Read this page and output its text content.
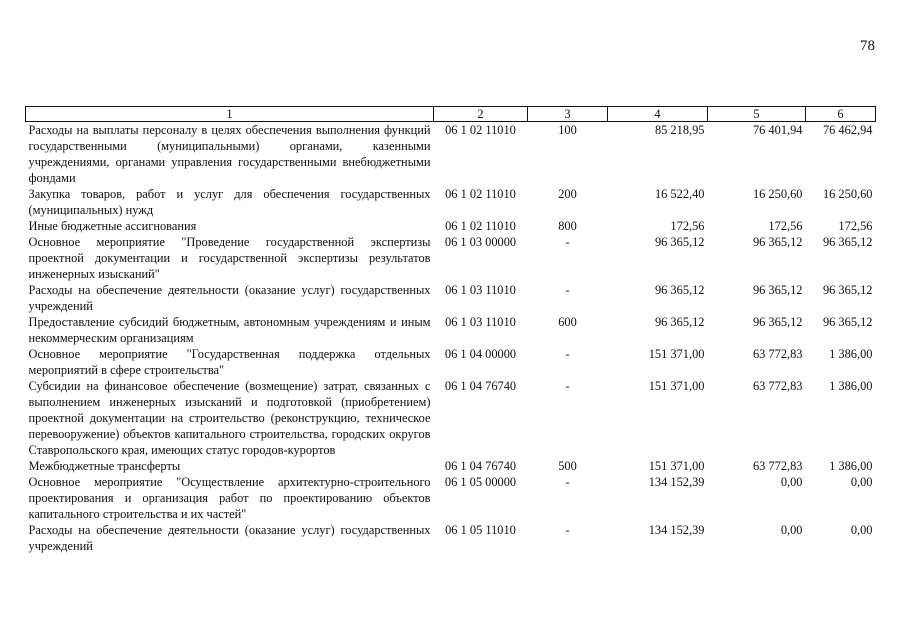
78
1	2	3	4	5	6
Расходы на выплаты персоналу в целях обеспечения выполнения функций государственными (муниципальными) органами, казенными учреждениями, органами управления государственными внебюджетными фондами	06 1 02 11010	100	85 218,95	76 401,94	76 462,94
Закупка товаров, работ и услуг для обеспечения государственных (муниципальных) нужд	06 1 02 11010	200	16 522,40	16 250,60	16 250,60
Иные бюджетные ассигнования	06 1 02 11010	800	172,56	172,56	172,56
Основное мероприятие "Проведение государственной экспертизы проектной документации и государственной экспертизы результатов инженерных изысканий"	06 1 03 00000	-	96 365,12	96 365,12	96 365,12
Расходы на обеспечение деятельности (оказание услуг) государственных учреждений	06 1 03 11010	-	96 365,12	96 365,12	96 365,12
Предоставление субсидий бюджетным, автономным учреждениям и иным некоммерческим организациям	06 1 03 11010	600	96 365,12	96 365,12	96 365,12
Основное мероприятие "Государственная поддержка отдельных мероприятий в сфере строительства"	06 1 04 00000	-	151 371,00	63 772,83	1 386,00
Субсидии на финансовое обеспечение (возмещение) затрат, связанных с выполнением инженерных изысканий и подготовкой (приобретением) проектной документации на строительство (реконструкцию, техническое перевооружение) объектов капитального строительства, городских округов Ставропольского края, имеющих статус городов-курортов	06 1 04 76740	-	151 371,00	63 772,83	1 386,00
Межбюджетные трансферты	06 1 04 76740	500	151 371,00	63 772,83	1 386,00
Основное мероприятие "Осуществление архитектурно-строительного проектирования и организация работ по проектированию объектов капитального строительства и их частей"	06 1 05 00000	-	134 152,39	0,00	0,00
Расходы на обеспечение деятельности (оказание услуг) государственных учреждений	06 1 05 11010	-	134 152,39	0,00	0,00
